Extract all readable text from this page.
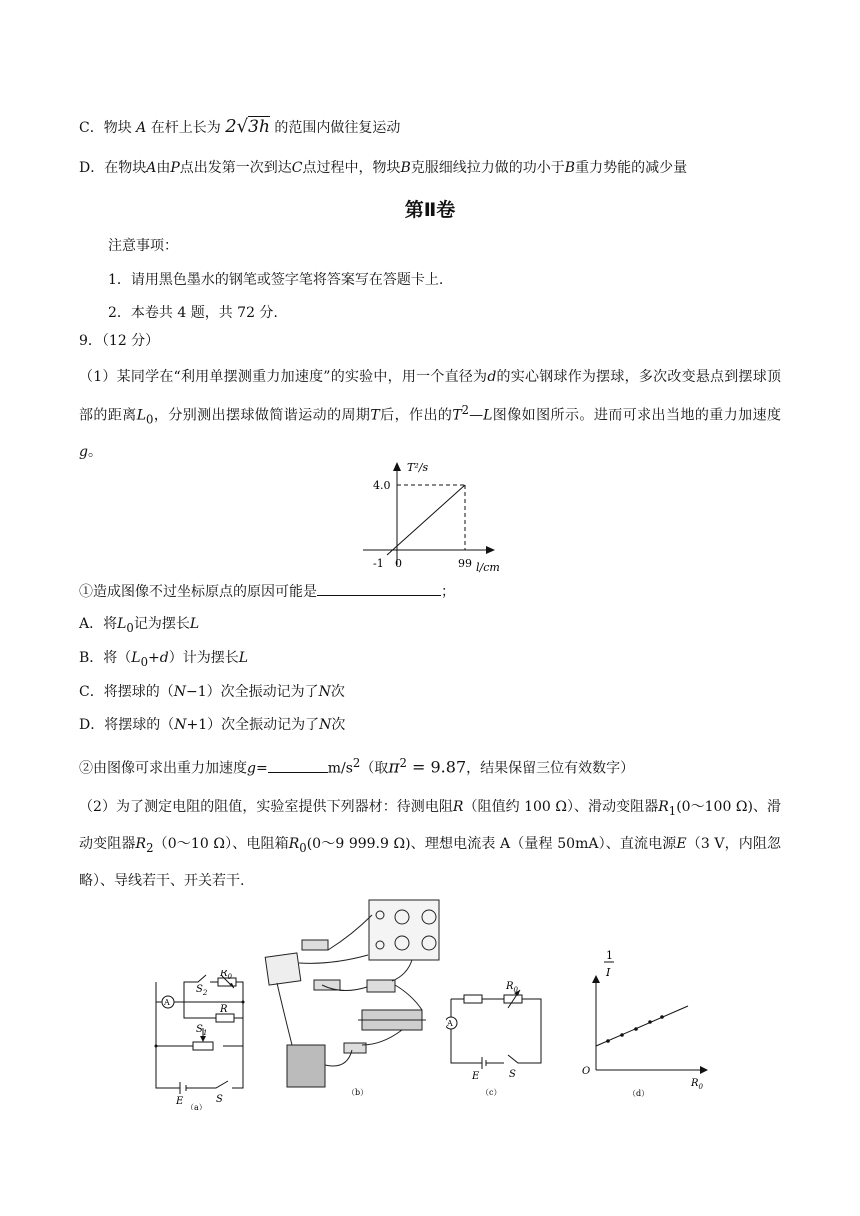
C．物块 A 在杆上长为 2√3h 的范围内做往复运动
D．在物块A由P点出发第一次到达C点过程中，物块B克服细线拉力做的功小于B重力势能的减少量
第Ⅱ卷
注意事项：
1．请用黑色墨水的钢笔或签字笔将答案写在答题卡上.
2．本卷共 4 题，共 72 分.
9．（12 分）
（1）某同学在“利用单摆测重力加速度”的实验中，用一个直径为d的实心钢球作为摆球，多次改变悬点到摆球顶部的距离$L_0$，分别测出摆球做简谐运动的周期T后，作出的$T^2—L$图像如图所示。进而可求出当地的重力加速度g。
T²/s
4.0
-1 0	99 l/cm
①造成图像不过坐标原点的原因可能是	；
A．将$L_0$记为摆长L
B．将$(L_0+d)$计为摆长L
C．将摆球的（N−1）次全振动记为了N次
D．将摆球的（N+1）次全振动记为了N次
②由图像可求出重力加速度g=	$m/s^2$（取$\pi^2 = 9.87$，结果保留三位有效数字）
（2）为了测定电阻的阻值，实验室提供下列器材：待测电阻R（阻值约 100 Ω）、滑动变阻器$R_1(0\sim 100$ Ω)、滑动变阻器$R_2(0\sim 10$ Ω）、电阻箱$R_0(0\sim 9$ 999.9 Ω)、理想电流表 A（量程 50mA）、直流电源E（3 V，内阻忽略）、导线若干、开关若干.
$S_2$
$R_0$
A
R
$S_1$
E	S
（a）
（b）
$R_0$
A
E	S
（c）
1
I
O
$R_0$
（d）
